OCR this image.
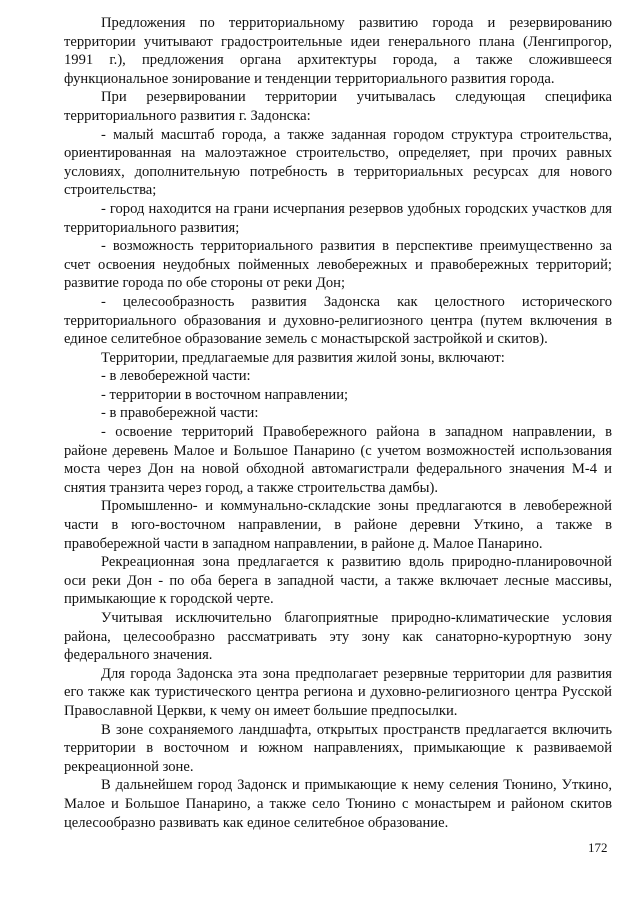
Предложения по территориальному развитию города и резервированию территории учитывают градостроительные идеи генерального плана (Ленгипрогор, 1991 г.), предложения органа архитектуры города, а также сложившееся функциональное зонирование и тенденции территориального развития города.

При резервировании территории учитывалась следующая специфика территориального развития г. Задонска:

- малый масштаб города, а также заданная городом структура строительства, ориентированная на малоэтажное строительство, определяет, при прочих равных условиях, дополнительную потребность в территориальных ресурсах для нового строительства;

- город находится на грани исчерпания резервов удобных городских участков для территориального развития;

- возможность территориального развития в перспективе преимущественно за счет освоения неудобных пойменных левобережных и правобережных территорий; развитие города по обе стороны от реки Дон;

- целесообразность развития Задонска как целостного исторического территориального образования и духовно-религиозного центра (путем включения в единое селитебное образование земель с монастырской застройкой и скитов).

Территории, предлагаемые для развития жилой зоны, включают:

- в левобережной части:

- территории в восточном направлении;

- в правобережной части:

- освоение территорий Правобережного района в западном направлении, в районе деревень Малое и Большое Панарино (с учетом возможностей использования моста через Дон на новой обходной автомагистрали федерального значения М-4 и снятия транзита через город, а также строительства дамбы).

Промышленно- и коммунально-складские зоны предлагаются в левобережной части в юго-восточном направлении, в районе деревни Уткино, а также в правобережной части в западном направлении, в районе д. Малое Панарино.

Рекреационная зона предлагается к развитию вдоль природно-планировочной оси реки Дон - по оба берега в западной части, а также включает лесные массивы, примыкающие к городской черте.

Учитывая исключительно благоприятные природно-климатические условия района, целесообразно рассматривать эту зону как санаторно-курортную зону федерального значения.

Для города Задонска эта зона предполагает резервные территории для развития его также как туристического центра региона и духовно-религиозного центра Русской Православной Церкви, к чему он имеет большие предпосылки.

В зоне сохраняемого ландшафта, открытых пространств предлагается включить территории в восточном и южном направлениях, примыкающие к развиваемой рекреационной зоне.

В дальнейшем город Задонск и примыкающие к нему селения Тюнино, Уткино, Малое и Большое Панарино, а также село Тюнино с монастырем и районом скитов целесообразно развивать как единое селитебное образование.

172
